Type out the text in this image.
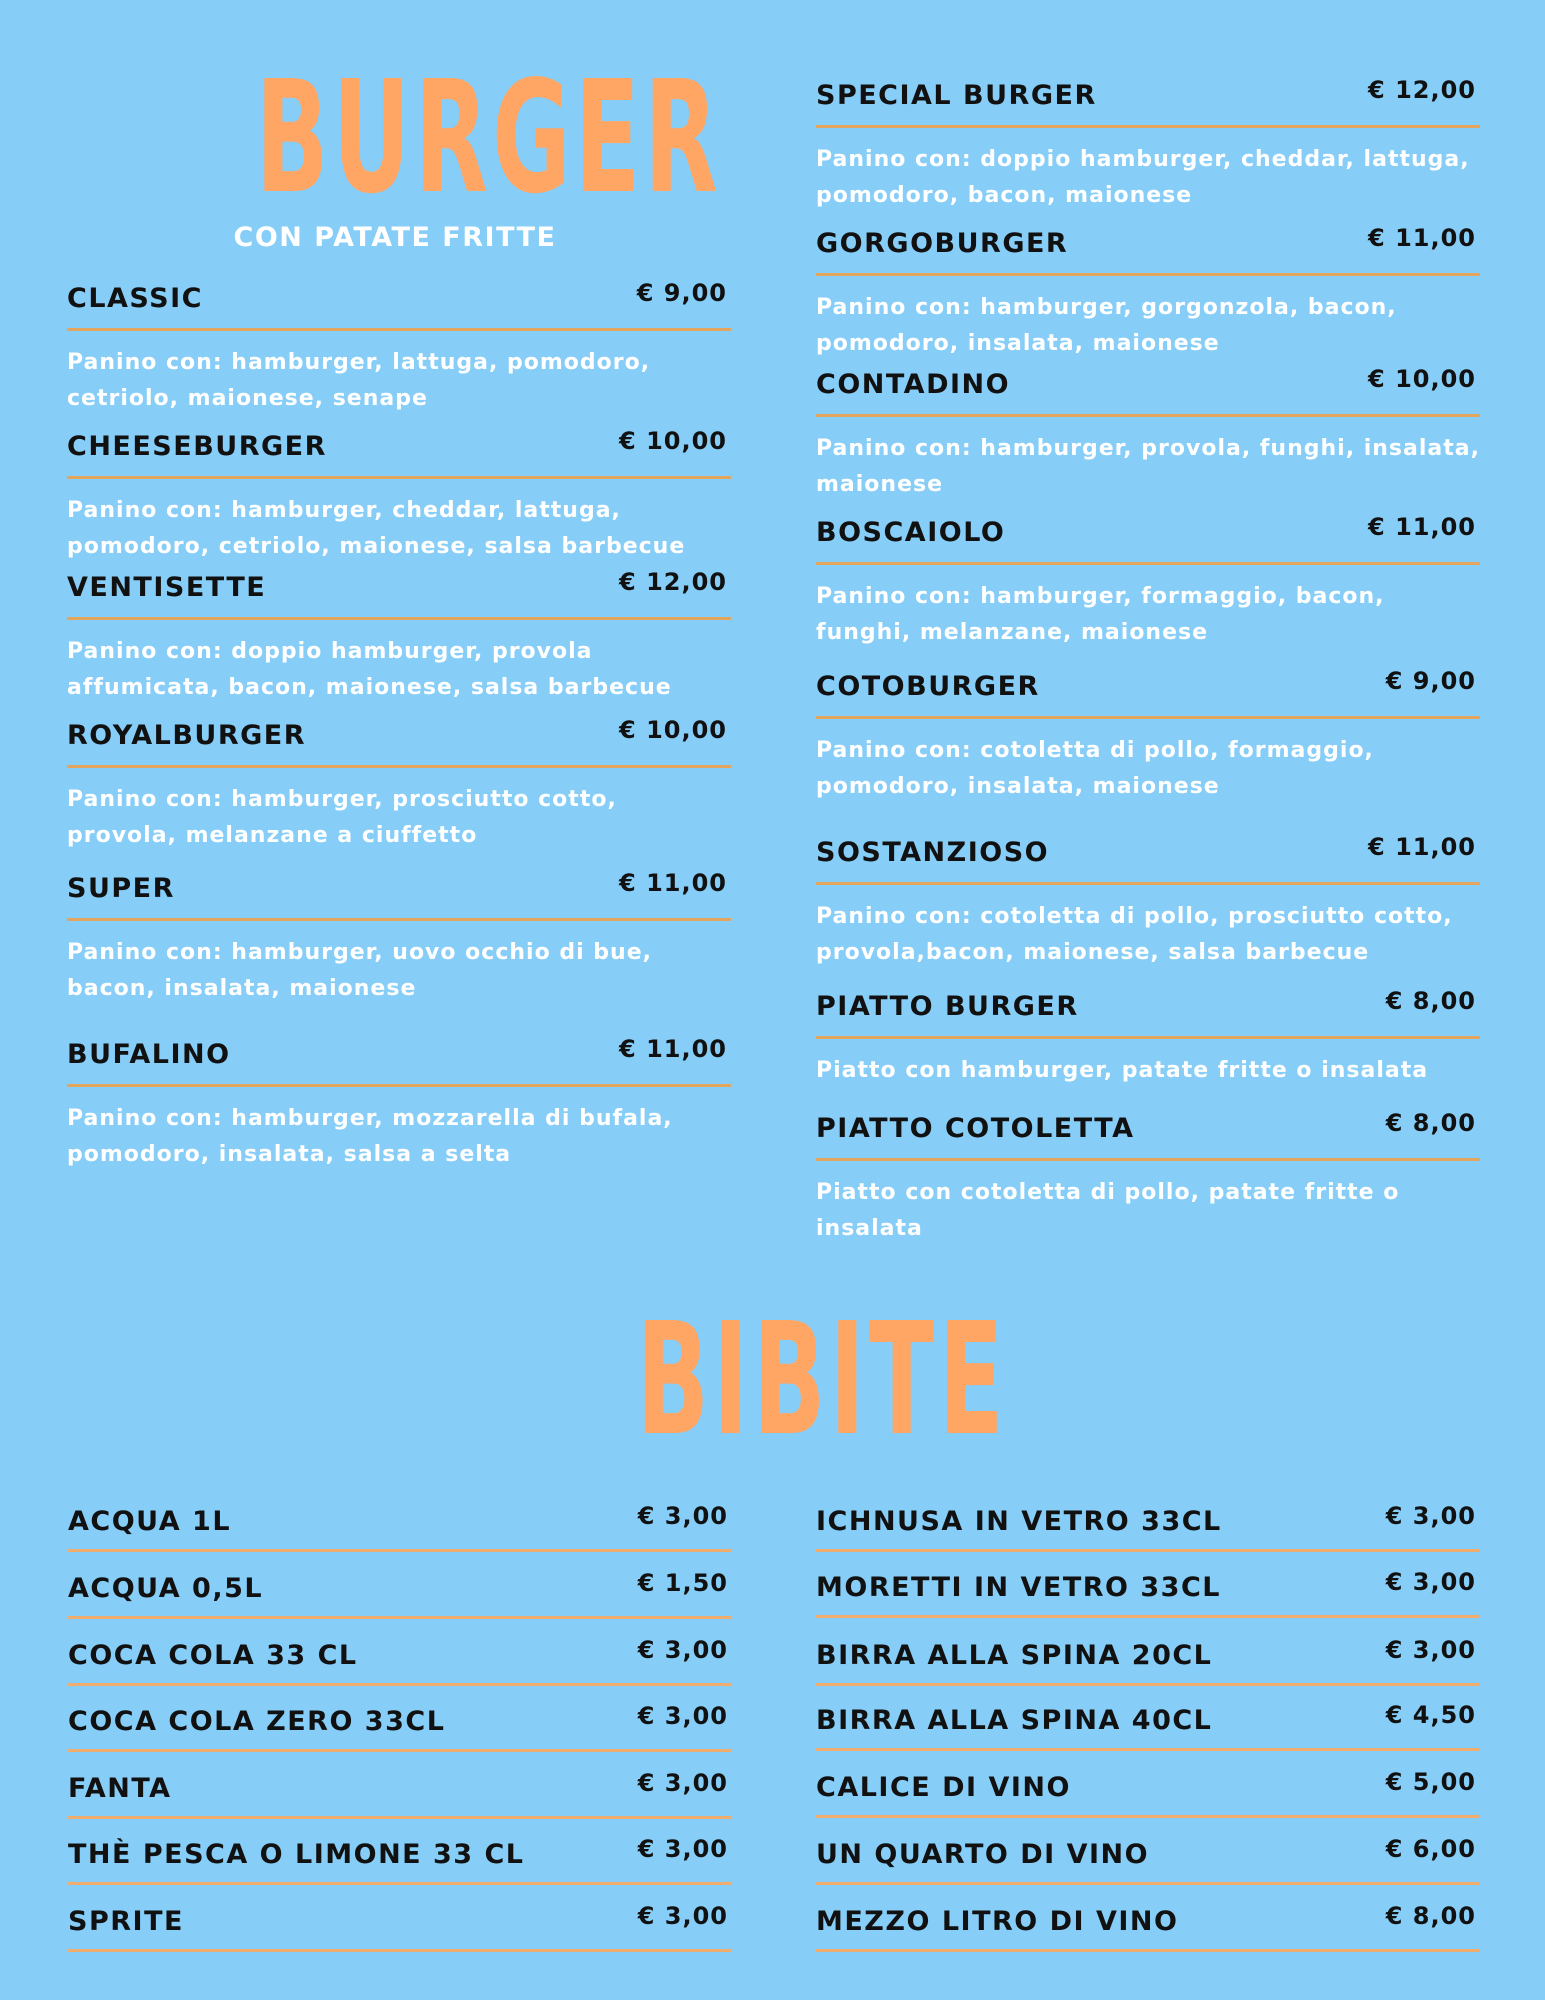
BURGER
CON PATATE FRITTE
CLASSIC	€ 9,00
Panino con: hamburger, lattuga, pomodoro, cetriolo, maionese, senape
CHEESEBURGER	€ 10,00
Panino con: hamburger, cheddar, lattuga, pomodoro, cetriolo, maionese, salsa barbecue
VENTISETTE	€ 12,00
Panino con: doppio hamburger, provola affumicata, bacon, maionese, salsa barbecue
ROYALBURGER	€ 10,00
Panino con: hamburger, prosciutto cotto, provola, melanzane a ciuffetto
SUPER	€ 11,00
Panino con: hamburger, uovo occhio di bue, bacon, insalata, maionese
BUFALINO	€ 11,00
Panino con: hamburger, mozzarella di bufala, pomodoro, insalata, salsa a selta
SPECIAL BURGER	€ 12,00
Panino con: doppio hamburger, cheddar, lattuga, pomodoro, bacon, maionese
GORGOBURGER	€ 11,00
Panino con: hamburger, gorgonzola, bacon, pomodoro, insalata, maionese
CONTADINO	€ 10,00
Panino con: hamburger, provola, funghi, insalata, maionese
BOSCAIOLO	€ 11,00
Panino con: hamburger, formaggio, bacon, funghi, melanzane, maionese
COTOBURGER	€ 9,00
Panino con: cotoletta di pollo, formaggio, pomodoro, insalata, maionese
SOSTANZIOSO	€ 11,00
Panino con: cotoletta di pollo, prosciutto cotto, provola,bacon, maionese, salsa barbecue
PIATTO BURGER	€ 8,00
Piatto con hamburger, patate fritte o insalata
PIATTO COTOLETTA	€ 8,00
Piatto con cotoletta di pollo, patate fritte o insalata
BIBITE
ACQUA 1L	€ 3,00
ACQUA 0,5L	€ 1,50
COCA COLA 33 CL	€ 3,00
COCA COLA ZERO 33CL	€ 3,00
FANTA	€ 3,00
THÈ PESCA O LIMONE 33 CL	€ 3,00
SPRITE	€ 3,00
ICHNUSA IN VETRO 33CL	€ 3,00
MORETTI IN VETRO 33CL	€ 3,00
BIRRA ALLA SPINA 20CL	€ 3,00
BIRRA ALLA SPINA 40CL	€ 4,50
CALICE DI VINO	€ 5,00
UN QUARTO DI VINO	€ 6,00
MEZZO LITRO DI VINO	€ 8,00
